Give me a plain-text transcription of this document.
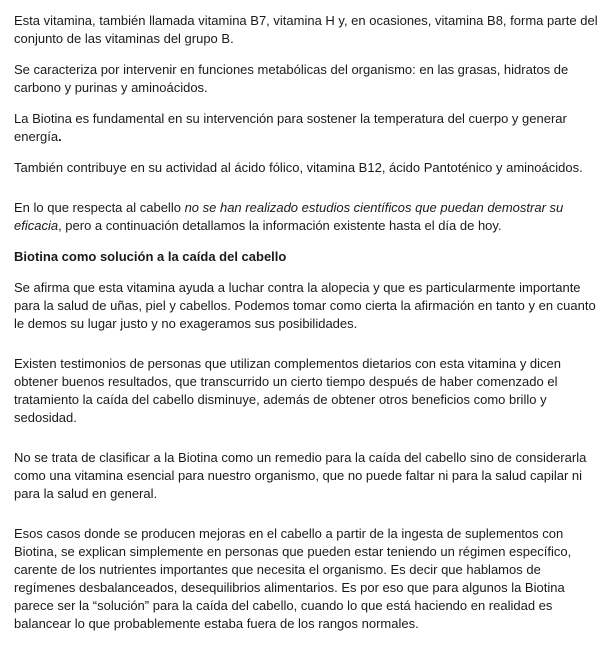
Esta vitamina, también llamada vitamina B7, vitamina H y, en ocasiones, vitamina B8, forma parte del conjunto de las vitaminas del grupo B.

Se caracteriza por intervenir en funciones metabólicas del organismo: en las grasas, hidratos de carbono y purinas y aminoácidos.

La Biotina es fundamental en su intervención para sostener la temperatura del cuerpo y generar energía.

También contribuye en su actividad al ácido fólico, vitamina B12, ácido Pantoténico y aminoácidos.

En lo que respecta al cabello no se han realizado estudios científicos que puedan demostrar su eficacia, pero a continuación detallamos la información existente hasta el día de hoy.

Biotina como solución a la caída del cabello

Se afirma que esta vitamina ayuda a luchar contra la alopecia y que es particularmente importante para la salud de uñas, piel y cabellos. Podemos tomar como cierta la afirmación en tanto y en cuanto le demos su lugar justo y no exageramos sus posibilidades.

Existen testimonios de personas que utilizan complementos dietarios con esta vitamina y dicen obtener buenos resultados, que transcurrido un cierto tiempo después de haber comenzado el tratamiento la caída del cabello disminuye, además de obtener otros beneficios como brillo y sedosidad.

No se trata de clasificar a la Biotina como un remedio para la caída del cabello sino de considerarla como una vitamina esencial para nuestro organismo, que no puede faltar ni para la salud capilar ni para la salud en general.

Esos casos donde se producen mejoras en el cabello a partir de la ingesta de suplementos con Biotina, se explican simplemente en personas que pueden estar teniendo un régimen específico, carente de los nutrientes importantes que necesita el organismo. Es decir que hablamos de regímenes desbalanceados, desequilibrios alimentarios. Es por eso que para algunos la Biotina parece ser la “solución” para la caída del cabello, cuando lo que está haciendo en realidad es balancear lo que probablemente estaba fuera de los rangos normales.
